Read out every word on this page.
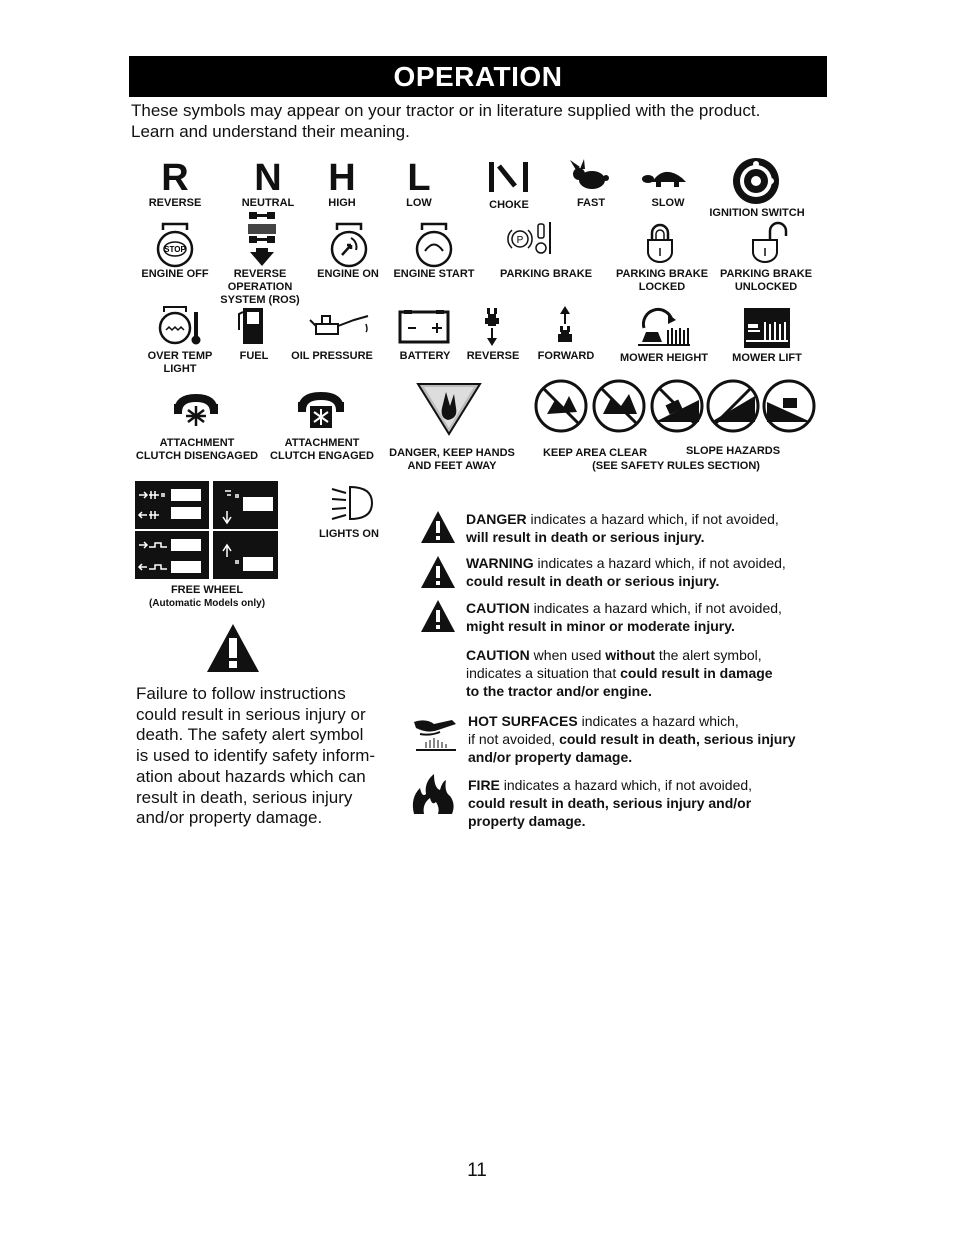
OPERATION
These symbols may appear on your tractor or in literature supplied with the product.
Learn and understand their meaning.
R
REVERSE
N
NEUTRAL
H
HIGH
L
LOW	CHOKE	FAST	SLOW
IGNITION SWITCH
STOP
ENGINE OFF	REVERSE
OPERATION
SYSTEM (ROS)
ENGINE ON	ENGINE START
P
PARKING BRAKE	PARKING BRAKE
LOCKED
PARKING BRAKE
UNLOCKED
OVER TEMP
LIGHT
FUEL	OIL PRESSURE	BATTERY	REVERSE	FORWARD	MOWER HEIGHT	MOWER LIFT
ATTACHMENT
CLUTCH DISENGAGED
ATTACHMENT
CLUTCH ENGAGED	DANGER, KEEP HANDS
AND FEET AWAY
KEEP AREA CLEAR	SLOPE HAZARDS
(SEE SAFETY RULES SECTION)
FREE WHEEL
(Automatic Models only)
LIGHTS ON
Failure to follow instructions
could result in serious injury or
death. The safety alert symbol
is used to identify safety inform-
ation about hazards which can
result in death, serious injury
and/or property damage.
DANGER indicates a hazard which, if not avoided,
will result in death or serious injury.
WARNING indicates a hazard which, if not avoided,
could result in death or serious injury.
CAUTION indicates a hazard which, if not avoided,
might result in minor or moderate injury.
CAUTION when used without the alert symbol,
indicates a situation that could result in damage
to the tractor and/or engine.
HOT SURFACES indicates a hazard which,
if not avoided, could result in death, serious injury
and/or property damage.
FIRE indicates a hazard which, if not avoided,
could result in death, serious injury and/or
property damage.
11
